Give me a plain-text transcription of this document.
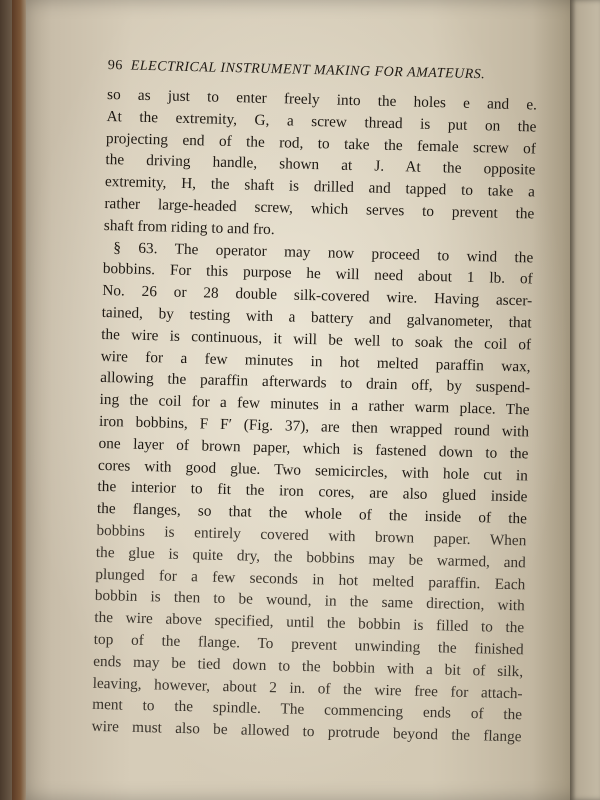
96 ELECTRICAL INSTRUMENT MAKING FOR AMATEURS.
so as just to enter freely into the holes e and e.
At the extremity, G, a screw thread is put on the
projecting end of the rod, to take the female screw of
the driving handle, shown at J. At the opposite
extremity, H, the shaft is drilled and tapped to take a
rather large-headed screw, which serves to prevent the
shaft from riding to and fro.
§ 63. The operator may now proceed to wind the
bobbins. For this purpose he will need about 1 lb. of
No. 26 or 28 double silk-covered wire. Having ascer-
tained, by testing with a battery and galvanometer, that
the wire is continuous, it will be well to soak the coil of
wire for a few minutes in hot melted paraffin wax,
allowing the paraffin afterwards to drain off, by suspend-
ing the coil for a few minutes in a rather warm place. The
iron bobbins, F F′ (Fig. 37), are then wrapped round with
one layer of brown paper, which is fastened down to the
cores with good glue. Two semicircles, with hole cut in
the interior to fit the iron cores, are also glued inside
the flanges, so that the whole of the inside of the
bobbins is entirely covered with brown paper. When
the glue is quite dry, the bobbins may be warmed, and
plunged for a few seconds in hot melted paraffin. Each
bobbin is then to be wound, in the same direction, with
the wire above specified, until the bobbin is filled to the
top of the flange. To prevent unwinding the finished
ends may be tied down to the bobbin with a bit of silk,
leaving, however, about 2 in. of the wire free for attach-
ment to the spindle. The commencing ends of the
wire must also be allowed to protrude beyond the flange
